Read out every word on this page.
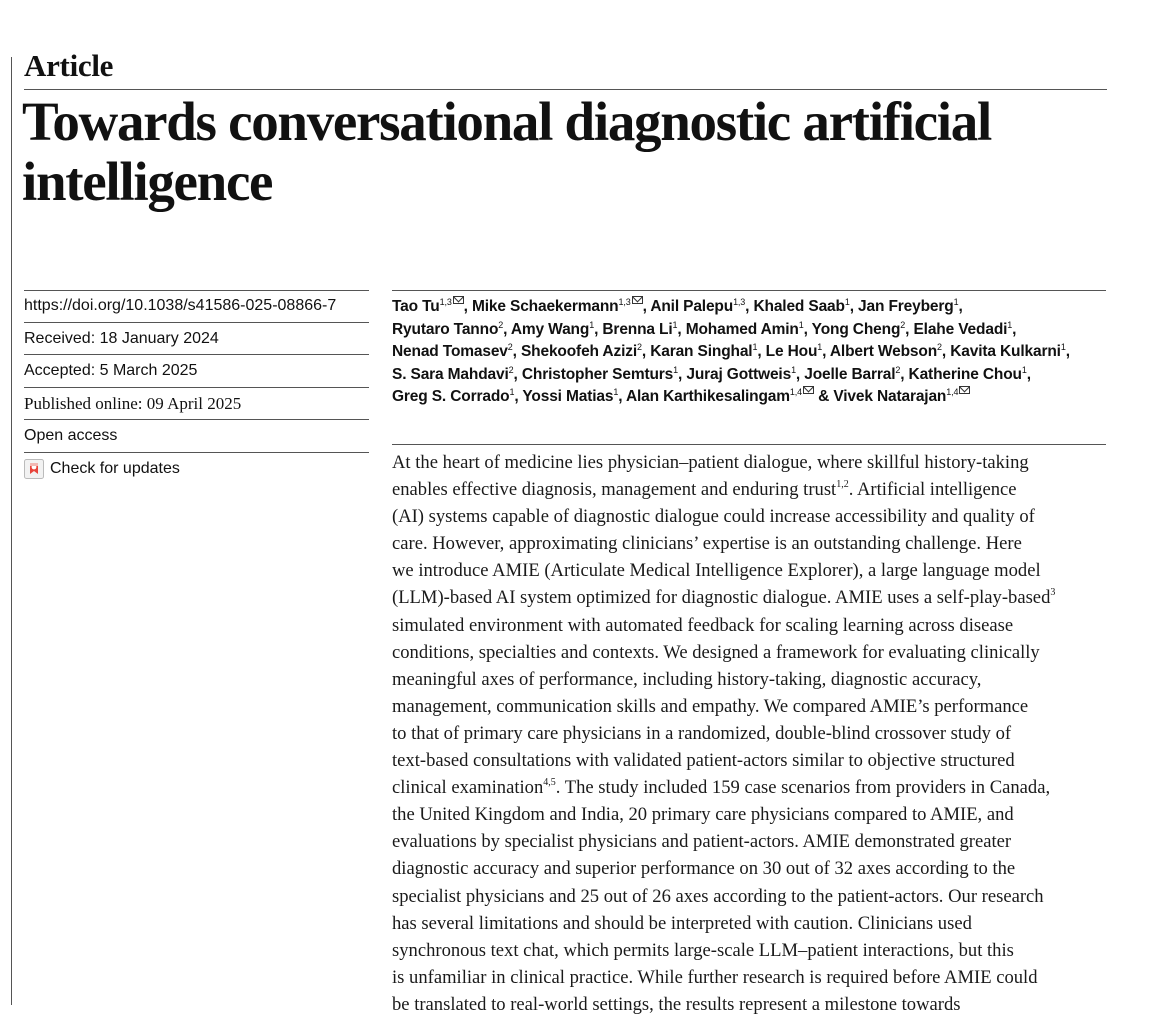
Article
Towards conversational diagnostic artificial intelligence
https://doi.org/10.1038/s41586-025-08866-7
Received: 18 January 2024
Accepted: 5 March 2025
Published online: 09 April 2025
Open access
Check for updates
Tao Tu$^{1,3}$ , Mike Schaekermann$^{1,3}$ , Anil Palepu$^{1,3}$, Khaled Saab$^1$, Jan Freyberg$^1$,
Ryutaro Tanno$^2$, Amy Wang$^1$, Brenna Li$^1$, Mohamed Amin$^1$, Yong Cheng$^2$, Elahe Vedadi$^1$,
Nenad Tomasev$^2$, Shekoofeh Azizi$^2$, Karan Singhal$^1$, Le Hou$^1$, Albert Webson$^2$, Kavita Kulkarni$^1$,
S. Sara Mahdavi$^2$, Christopher Semturs$^1$, Juraj Gottweis$^1$, Joelle Barral$^2$, Katherine Chou$^1$,
Greg S. Corrado$^1$, Yossi Matias$^1$, Alan Karthikesalingam$^{1,4}$ & Vivek Natarajan$^{1,4}$
At the heart of medicine lies physician–patient dialogue, where skillful history-taking
enables effective diagnosis, management and enduring trust$^{1,2}$. Artificial intelligence
(AI) systems capable of diagnostic dialogue could increase accessibility and quality of
care. However, approximating clinicians’ expertise is an outstanding challenge. Here
we introduce AMIE (Articulate Medical Intelligence Explorer), a large language model
(LLM)-based AI system optimized for diagnostic dialogue. AMIE uses a self-play-based$^3$
simulated environment with automated feedback for scaling learning across disease
conditions, specialties and contexts. We designed a framework for evaluating clinically
meaningful axes of performance, including history-taking, diagnostic accuracy,
management, communication skills and empathy. We compared AMIE’s performance
to that of primary care physicians in a randomized, double-blind crossover study of
text-based consultations with validated patient-actors similar to objective structured
clinical examination$^{4,5}$. The study included 159 case scenarios from providers in Canada,
the United Kingdom and India, 20 primary care physicians compared to AMIE, and
evaluations by specialist physicians and patient-actors. AMIE demonstrated greater
diagnostic accuracy and superior performance on 30 out of 32 axes according to the
specialist physicians and 25 out of 26 axes according to the patient-actors. Our research
has several limitations and should be interpreted with caution. Clinicians used
synchronous text chat, which permits large-scale LLM–patient interactions, but this
is unfamiliar in clinical practice. While further research is required before AMIE could
be translated to real-world settings, the results represent a milestone towards
